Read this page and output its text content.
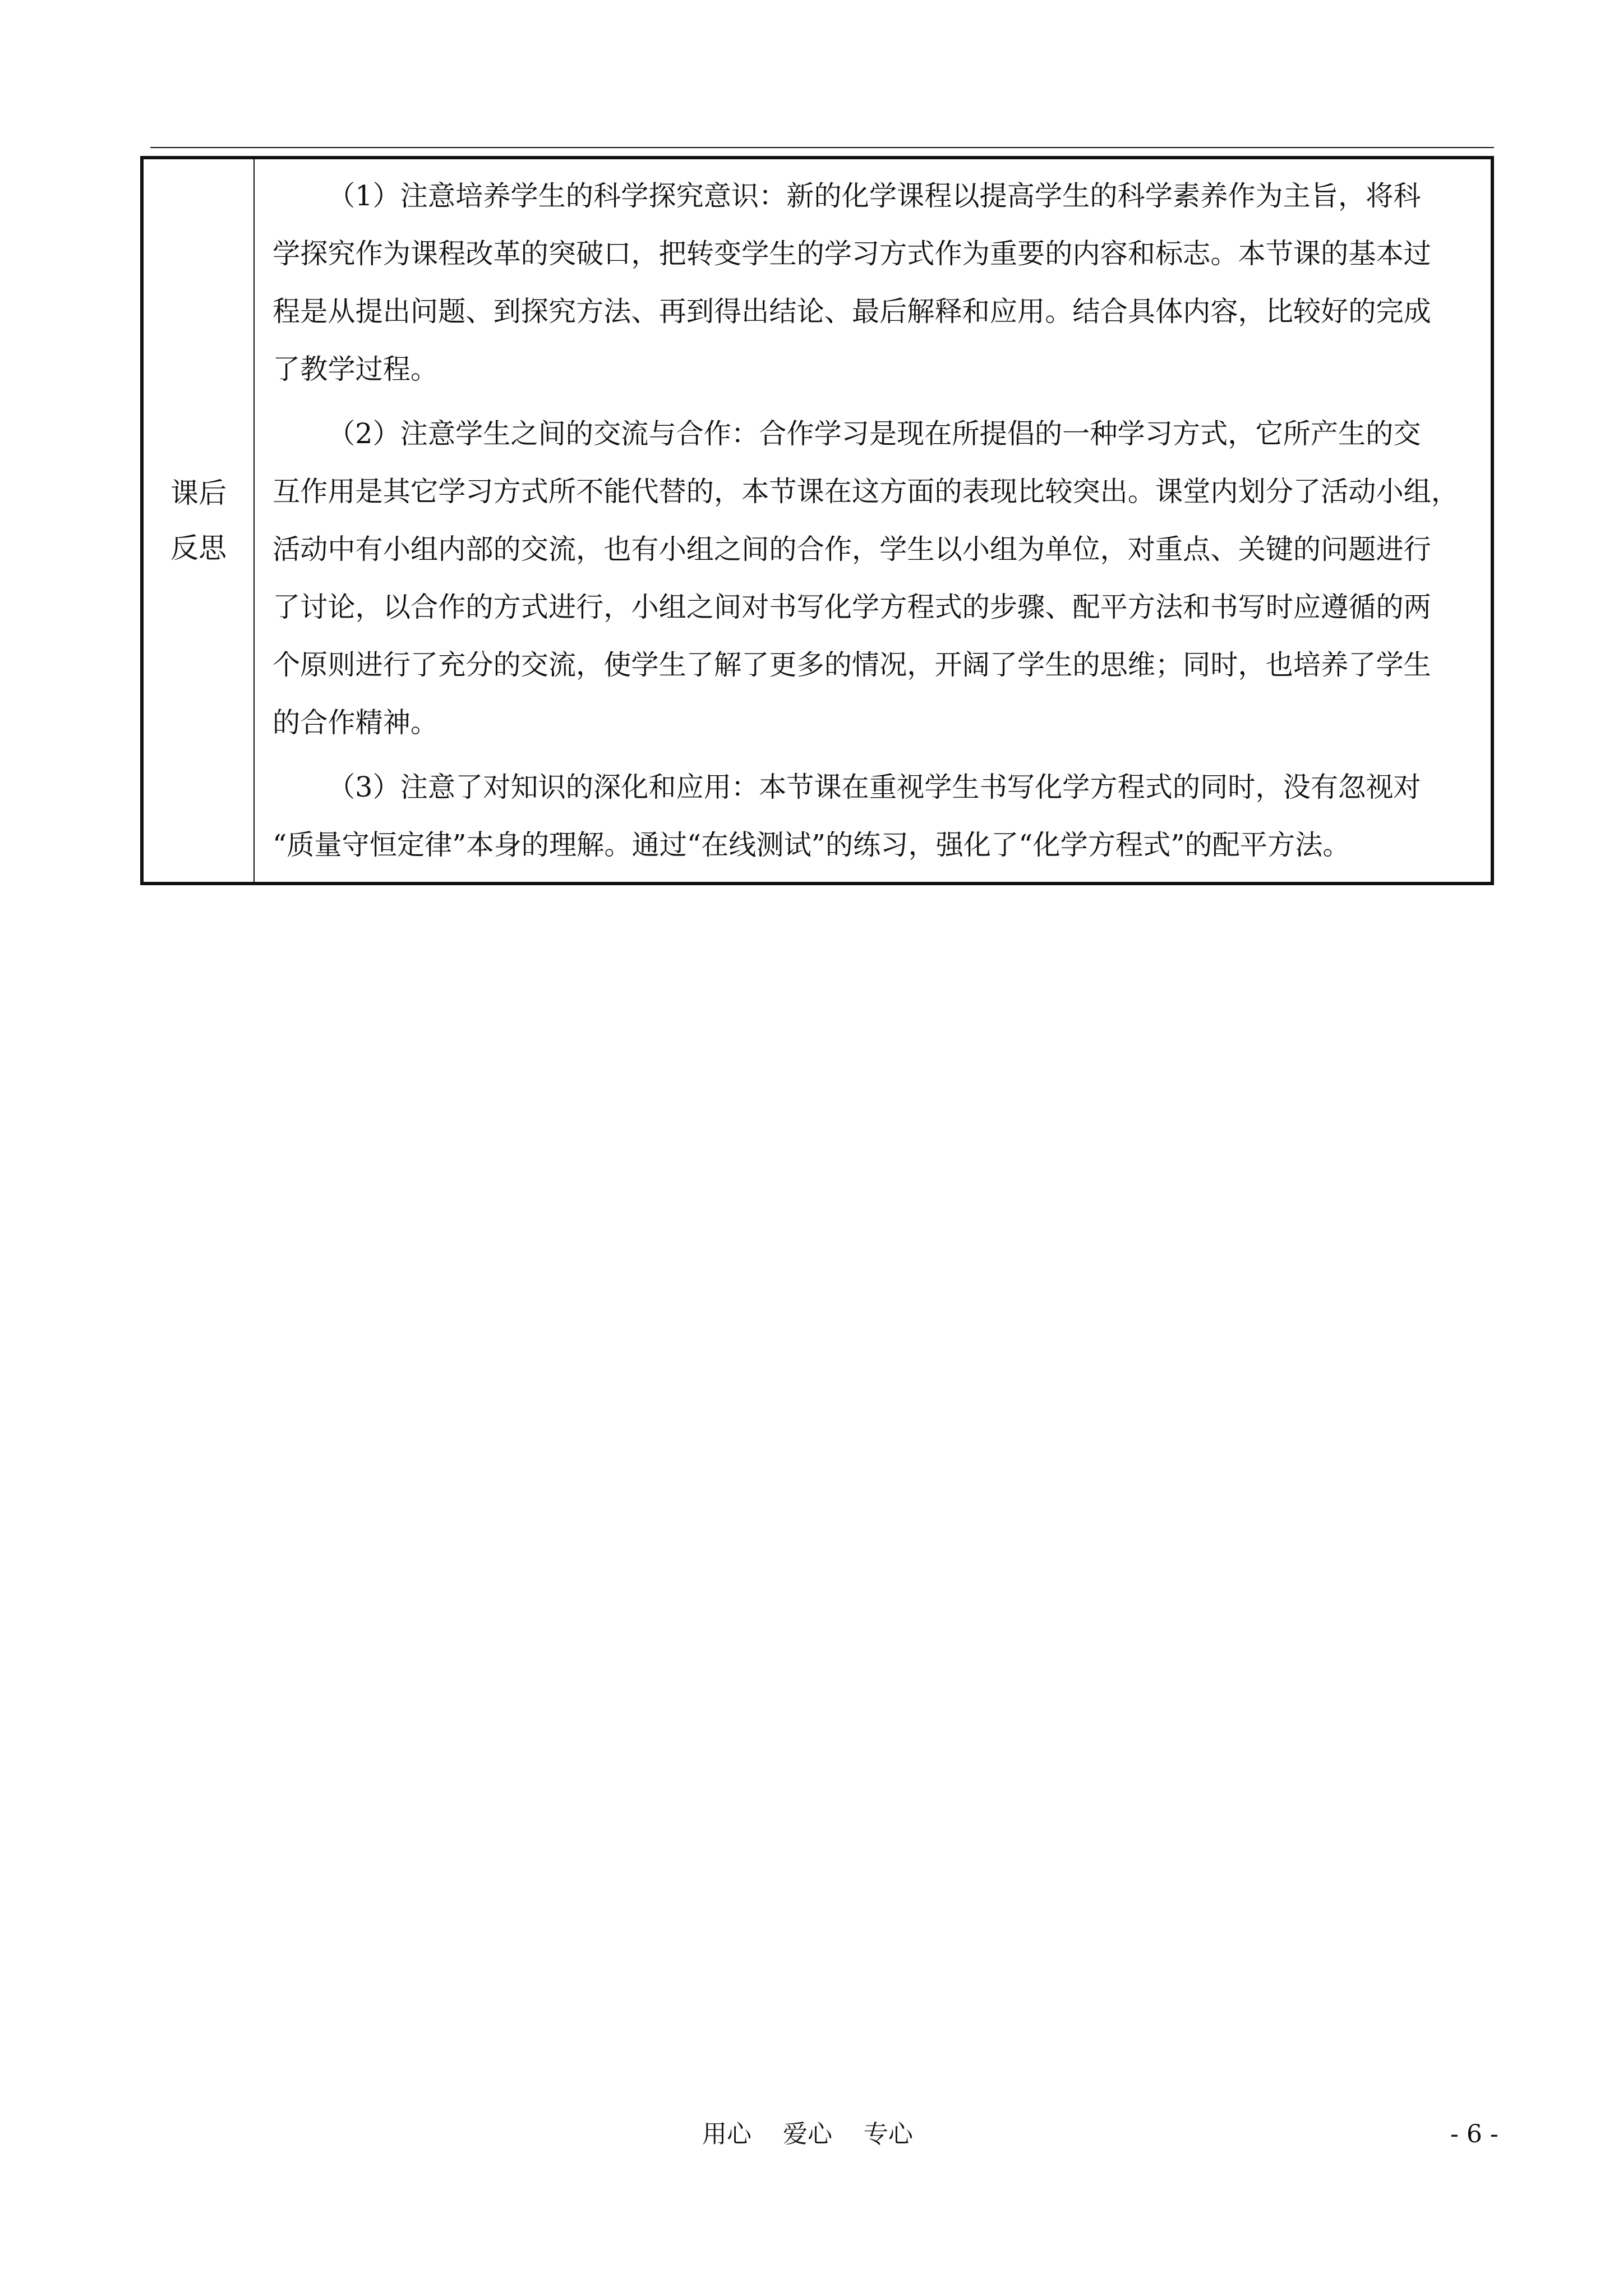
课后
反思

（1）注意培养学生的科学探究意识：新的化学课程以提高学生的科学素养作为主旨，将科
学探究作为课程改革的突破口，把转变学生的学习方式作为重要的内容和标志。本节课的基本过
程是从提出问题、到探究方法、再到得出结论、最后解释和应用。结合具体内容，比较好的完成
了教学过程。
（2）注意学生之间的交流与合作：合作学习是现在所提倡的一种学习方式，它所产生的交
互作用是其它学习方式所不能代替的，本节课在这方面的表现比较突出。课堂内划分了活动小组，
活动中有小组内部的交流，也有小组之间的合作，学生以小组为单位，对重点、关键的问题进行
了讨论，以合作的方式进行，小组之间对书写化学方程式的步骤、配平方法和书写时应遵循的两
个原则进行了充分的交流，使学生了解了更多的情况，开阔了学生的思维；同时，也培养了学生
的合作精神。
（3）注意了对知识的深化和应用：本节课在重视学生书写化学方程式的同时，没有忽视对
“质量守恒定律”本身的理解。通过“在线测试”的练习，强化了“化学方程式”的配平方法。
用心    爱心    专心	- 6 -
